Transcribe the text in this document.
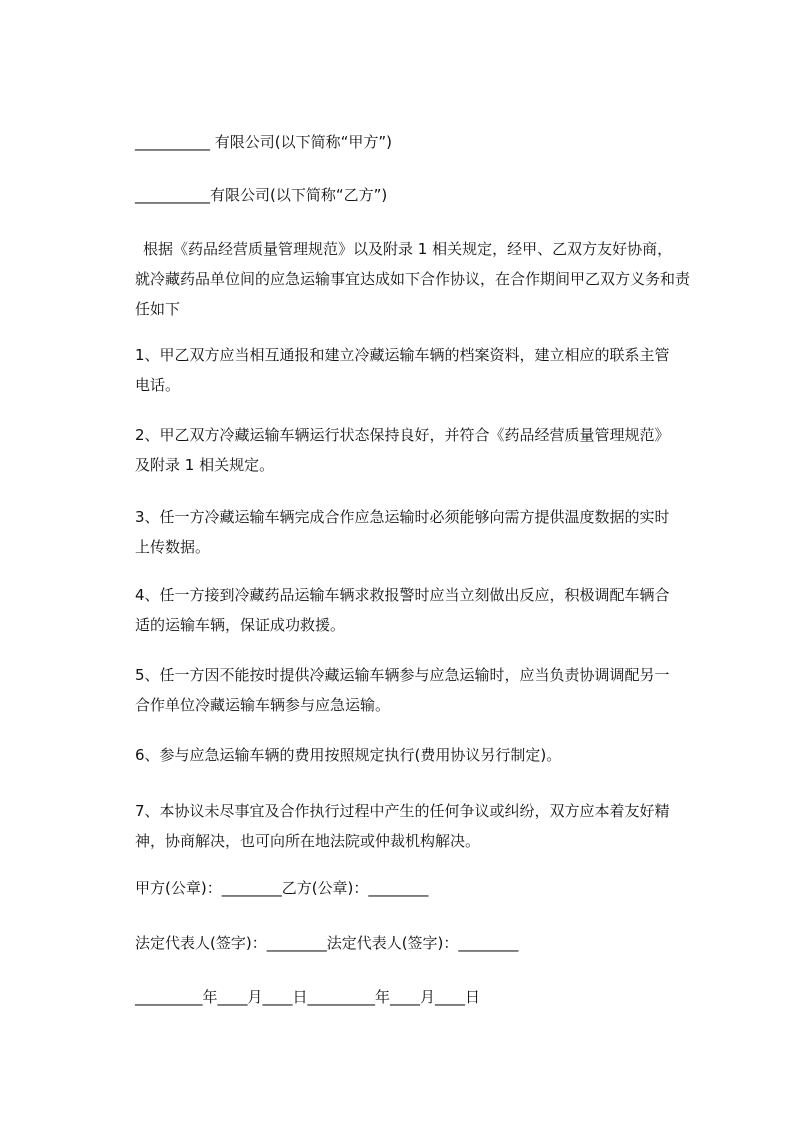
__________ 有限公司(以下简称“甲方”)

__________有限公司(以下简称“乙方”)

根据《药品经营质量管理规范》以及附录 1 相关规定，经甲、乙双方友好协商，

就冷藏药品单位间的应急运输事宜达成如下合作协议，在合作期间甲乙双方义务和责

任如下

1、甲乙双方应当相互通报和建立冷藏运输车辆的档案资料，建立相应的联系主管

电话。

2、甲乙双方冷藏运输车辆运行状态保持良好，并符合《药品经营质量管理规范》

及附录 1 相关规定。

3、任一方冷藏运输车辆完成合作应急运输时必须能够向需方提供温度数据的实时

上传数据。

4、任一方接到冷藏药品运输车辆求救报警时应当立刻做出反应，积极调配车辆合

适的运输车辆，保证成功救援。

5、任一方因不能按时提供冷藏运输车辆参与应急运输时，应当负责协调调配另一

合作单位冷藏运输车辆参与应急运输。

6、参与应急运输车辆的费用按照规定执行(费用协议另行制定)。

7、本协议未尽事宜及合作执行过程中产生的任何争议或纠纷，双方应本着友好精

神，协商解决，也可向所在地法院或仲裁机构解决。

甲方(公章)：________乙方(公章)：________

法定代表人(签字)：________法定代表人(签字)：________

_________年____月____日_________年____月____日
